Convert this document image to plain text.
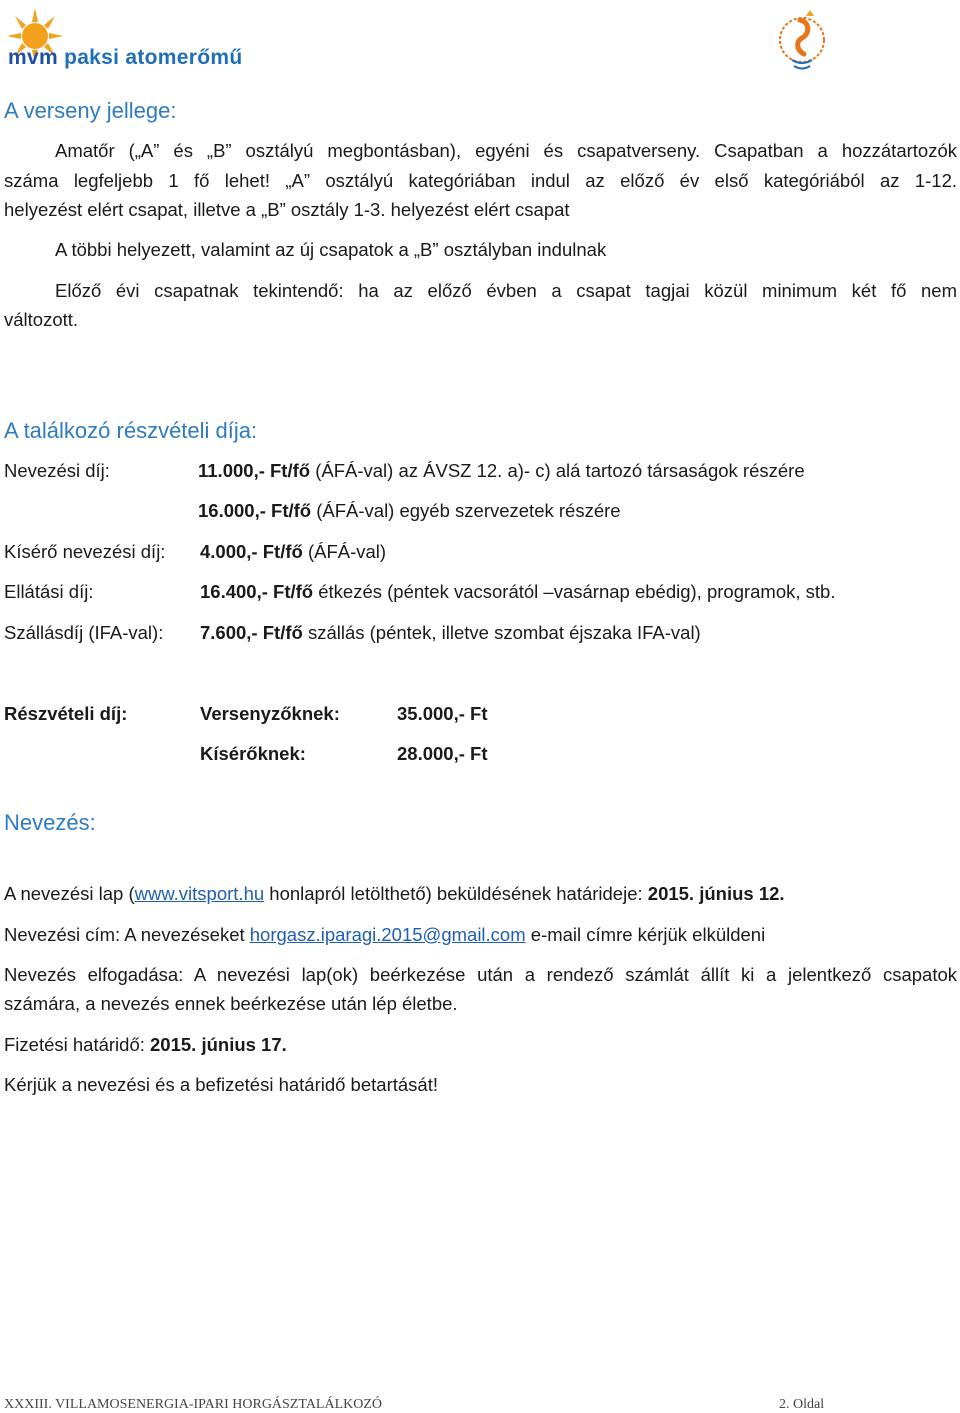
mvm paksi atomerőmű
A verseny jellege:
Amatőr („A” és „B” osztályú megbontásban), egyéni és csapatverseny. Csapatban a hozzátartozók
száma legfeljebb 1 fő lehet! „A” osztályú kategóriában indul az előző év első kategóriából az 1-12.
helyezést elért csapat, illetve a „B” osztály 1-3. helyezést elért csapat
A többi helyezett, valamint az új csapatok a „B” osztályban indulnak
Előző évi csapatnak tekintendő: ha az előző évben a csapat tagjai közül minimum két fő nem
változott.
A találkozó részvételi díja:
Nevezési díj:	11.000,- Ft/fő (ÁFÁ-val) az ÁVSZ 12. a)- c) alá tartozó társaságok részére
16.000,- Ft/fő (ÁFÁ-val) egyéb szervezetek részére
Kísérő nevezési díj: 4.000,- Ft/fő (ÁFÁ-val)
Ellátási díj:	16.400,- Ft/fő étkezés (péntek vacsorától –vasárnap ebédig), programok, stb.
Szállásdíj (IFA-val): 7.600,- Ft/fő szállás (péntek, illetve szombat éjszaka IFA-val)
Részvételi díj:	Versenyzőknek:	35.000,- Ft
Kísérőknek:	28.000,- Ft
Nevezés:
A nevezési lap (www.vitsport.hu honlapról letölthető) beküldésének határideje: 2015. június 12.
Nevezési cím: A nevezéseket horgasz.iparagi.2015@gmail.com e-mail címre kérjük elküldeni
Nevezés elfogadása: A nevezési lap(ok) beérkezése után a rendező számlát állít ki a jelentkező csapatok
számára, a nevezés ennek beérkezése után lép életbe.
Fizetési határidő: 2015. június 17.
Kérjük a nevezési és a befizetési határidő betartását!
XXXIII. VILLAMOSENERGIA-IPARI HORGÁSZTALÁLKOZÓ	2. Oldal
